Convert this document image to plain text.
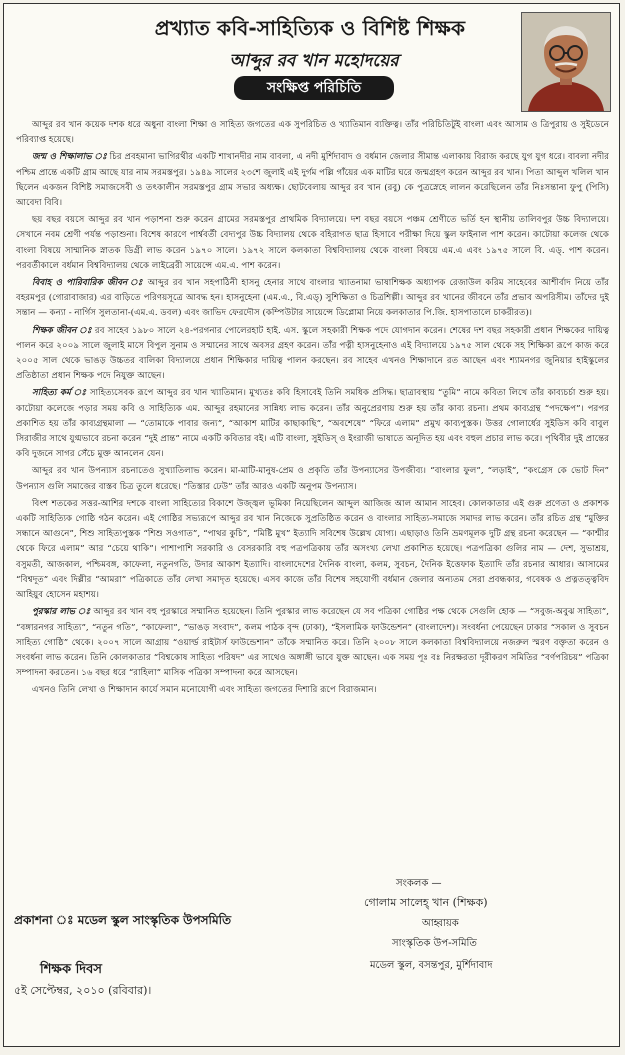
প্রখ্যাত কবি-সাহিত্যিক ও বিশিষ্ট শিক্ষক
আব্দুর রব খান মহোদয়ের
সংক্ষিপ্ত পরিচিতি

আব্দুর রব খান কয়েক দশক ধরে অধুনা বাংলা শিক্ষা ও সাহিত্য জগতের এক সুপরিচিত ও খ্যাতিমান ব্যক্তিত্ব। তাঁর পরিচিতিটুই বাংলা এবং আসাম ও ত্রিপুরায় ও সুইডেনে পরিব্যাপ্ত হয়েছে।

জন্ম ও শিক্ষালাভ ঃ চির প্রবহমানা ভাগিরথীর একটি শাখানদীর নাম বাবলা, এ নদী মুর্শিদাবাদ ও বর্ধমান জেলার সীমান্ত এলাকায় বিরাজ করছে যুগ যুগ ধরে। বাবলা নদীর পশ্চিম প্রান্তে একটি গ্রাম আছে যার নাম সরমস্তপুর। ১৯৪৯ সালের ২৩শে জুলাই এই দুর্গম পল্লি গাঁয়ের এক মাটির ঘরে জন্মগ্রহণ করেন আব্দুর রব খান। পিতা আব্দুল খলিল খান ছিলেন একজন বিশিষ্ট সমাজসেবী ও তৎকালীন সরমস্তপুর গ্রাম সভার অধ্যক্ষ। ছোটবেলায় আব্দুর রব খান (রবু) কে পুত্রস্নেহে লালন করেছিলেন তাঁর নিঃসন্তানা ফুপু (পিসি) আবেদা বিবি।

ছয় বছর বয়সে আব্দুর রব খান পড়াশনা শুরু করেন গ্রামের সরমস্তপুর প্রাথমিক বিদ্যালয়ে। দশ বছর বয়সে পঞ্চম শ্রেণীতে ভর্তি হন স্থানীয় তালিবপুর উচ্চ বিদ্যালয়ে। সেখানে নবম শ্রেণী পর্যন্ত পড়াশুনা। বিশেষ কারণে পার্শ্ববর্তী বেদ্যপুর উচ্চ বিদ্যালয় থেকে বহিরাগত ছাত্র হিসাবে পরীক্ষা দিয়ে স্কুল ফাইনাল পাশ করেন। কাটোয়া কলেজ থেকে বাংলা বিষয়ে সাম্মানিক স্নাতক ডিগ্রী লাভ করেন ১৯৭০ সালে। ১৯৭২ সালে কলকাতা বিশ্ববিদ্যালয় থেকে বাংলা বিষয়ে এম.এ এবং ১৯৭৫ সালে বি. এড্‌. পাশ করেন। পরবর্তীকালে বর্ধমান বিশ্ববিদ্যালয় থেকে লাইব্রেরী সায়েন্সে এম.এ. পাশ করেন।

বিবাহ ও পারিবারিক জীবন ঃ আব্দুর রব খান সহপাঠিনী হাসনু হেনার সাথে বাংলার খ্যাতনামা ভাষাশিক্ষক অধ্যাপক রেজাউল করিম সাহেবের আশীর্বাদ নিয়ে তাঁর বহরমপুর (গোরাবাজার) এর বাড়িতে পরিণয়সূত্রে আবদ্ধ হন। হাসনুহেনা (এম.এ., বি.এড্‌) সুশিক্ষিতা ও চিত্রশিল্পী। আব্দুর রব খানের জীবনে তাঁর প্রভাব অপরিসীম। তাঁদের দুই সন্তান — কন্যা - নার্গিস সুলতানা-(এম.এ. ডবল) এবং জাভিদ ফেরদৌস (কম্পিউটার সায়েন্সে ডিপ্লোমা নিয়ে কলকাতার পি.জি. হাসপাতালে চাকরীরত)।

শিক্ষক জীবন ঃ রব সাহেব ১৯৮০ সালে ২৪-পরগনার পোলেরহাট হাই. এস. স্কুলে সহকারী শিক্ষক পদে যোগদান করেন। শেষের দশ বছর সহকারী প্রধান শিক্ষকের দায়িত্ব পালন করে ২০০৯ সালে জুলাই মাসে বিপুল সুনাম ও সম্মানের সাথে অবসর গ্রহণ করেন। তাঁর পত্নী হাসনুহেনাও এই বিদ্যালয়ে ১৯৭৫ সাল থেকে সহ শিক্ষিকা রূপে কাজ করে ২০০৫ সাল থেকে ভাঙড় উচ্চতর বালিকা বিদ্যালয়ে প্রধান শিক্ষিকার দায়িত্ব পালন করছেন। রব সাহেব এখনও শিক্ষাদানে রত আছেন এবং শ্যামনগর জুনিয়ার হাইস্কুলের প্রতিষ্ঠাতা প্রধান শিক্ষক পদে নিযুক্ত আছেন।

সাহিত্য কর্ম ঃ সাহিত্যসেবক রূপে আব্দুর রব খান খ্যাতিমান। মুখ্যতঃ কবি হিসাবেই তিনি সমধিক প্রসিদ্ধ। ছাত্রাবস্থায় “তুমি” নামে কবিতা লিখে তাঁর কাব্যচর্চা শুরু হয়। কাটোয়া কলেজে পড়ার সময় কবি ও সাহিত্যিক এম. আব্দুর রহমানের সান্নিধ্য লাভ করেন। তাঁর অনুপ্রেরণায় শুরু হয় তাঁর কাব্য রচনা। প্রথম কাব্যগ্রন্থ “পদক্ষেপ”। পরপর প্রকাশিত হয় তাঁর কাব্যগ্রন্থমালা — “তোমাকে পাবার জন্য”, “আকাশ মাটির কাছাকাছি”, “অবশেষে” “ফিরে এলাম” প্রমুখ কাব্যপুস্তক। উত্তর গোলার্ধের সুইডিস কবি বাবুল সিরাজীর সাথে যুগ্মভাবে রচনা করেন “দুই প্রান্ত” নামে একটি কবিতার বই। এটি বাংলা, সুইডিস্‌ ও ইংরাজী ভাষাতে অনূদিত হয় এবং বহুল প্রচার লাভ করে। পৃথিবীর দুই প্রান্তের কবি দুজনে সাগর সেঁচে মুক্ত আনলেন যেন।

আব্দুর রব খান উপন্যাস রচনাতেও সুখ্যাতিলাভ করেন। মা-মাটি-মানুষ-প্রেম ও প্রকৃতি তাঁর উপন্যাসের উপজীব্য। “বাংলার ফুল”, “লড়াই”, “কংগ্রেস কে ভোট দিন” উপন্যাস গুলি সমাজের বাস্তব চিত্র তুলে ধরেছে। “তিস্তার ঢেউ” তাঁর আরও একটি অনুপম উপন্যাস।

বিংশ শতকের সত্তর-আশির দশকে বাংলা সাহিত্যের বিকাশে উজ্জ্বল ভূমিকা নিয়েছিলেন আব্দুল আজিজ আল আমান সাহেব। কোলকাতার এই গুরু প্রণেতা ও প্রকাশক একটি সাহিত্যিক গোষ্ঠি গঠন করেন। এই গোষ্ঠির সভ্যরূপে আব্দুর রব খান নিজেকে সুপ্রতিষ্ঠিত করেন ও বাংলার সাহিত্য-সমাজে সমাদর লাভ করেন। তাঁর রচিত গ্রন্থ “মুক্তির সন্ধানে আগুনে”, শিশু সাহিত্যপুস্তক “শিশু সওগাত”, “পাথর কুচি”, “মিষ্টি মুখ” ইত্যাদি সবিশেষ উল্লেখ যোগ্য। এছাড়াও তিনি ভ্রমণমূলক দুটি গ্রন্থ রচনা করেছেন — “কাশ্মীর থেকে ফিরে এলাম” আর “চেয়ে থাকি”। পাশাপাশি সরকারি ও বেসরকারি বহু পত্রপত্রিকায় তাঁর অসংখ্য লেখা প্রকাশিত হয়েছে। পত্রপত্রিকা গুলির নাম — দেশ, সুভাশ্রয়, বসুমতী, আজকাল, পশ্চিমবঙ্গ, কাফেলা, নতুনগতি, উদার আকাশ ইত্যাদি। বাংলাদেশের দৈনিক বাংলা, কলম, সুবচন, দৈনিক ইত্তেফাক ইত্যাদি তাঁর রচনার আধার। আসামের “বিশ্বদূত” এবং দিল্লীর “আমরা” পত্রিকাতে তাঁর লেখা সমাদৃত হয়েছে। এসব কাজে তাঁর বিশেষ সহযোগী বর্ধমান জেলার অন্যতম সেরা প্রবন্ধকার, গবেষক ও প্রত্নতত্ত্ববিদ আহিয়ুব হোসেন মহাশয়।

পুরস্কার লাভ ঃ আব্দুর রব খান বহু পুরস্কারে সম্মানিত হয়েছেন। তিনি পুরস্কার লাভ করেছেন যে সব পত্রিকা গোষ্ঠির পক্ষ থেকে সেগুলি হোক — “সবুজ-অবুঝ সাহিত্য”, “বঙ্গারনগর সাহিত্য”, “নতুন গতি”, “কাফেলা”, “ভাঙড় সংবাদ”, কলম পাঠক বৃন্দ (ঢাকা), “ইসলামিক ফাউন্ডেশন” (বাংলাদেশ)। সংবর্ধনা পেয়েছেন ঢাকার “সকাল ও সুবচন সাহিত্য গোষ্ঠি” থেকে। ২০০৭ সালে আগ্রায় “ওয়ার্ল্ড রাইটার্স ফাউন্ডেশান” তাঁকে সম্মানিত করে। তিনি ২০০৮ সালে কলকাতা বিশ্ববিদ্যালয়ে নজরুল স্মরণ বক্তৃতা করেন ও সংবর্ধনা লাভ করেন। তিনি কোলকাতার “বিশ্বকোষ সাহিত্য পরিষদ” এর সাথেও অঙ্গাঙ্গী ভাবে যুক্ত আছেন। এক সময় পূঃ বঃ নিরক্ষরতা দূরীকরণ সমিতির “বর্ণপরিচয়” পত্রিকা সম্পাদনা করতেন। ১৬ বছর ধরে “রাহিলা” মাসিক পত্রিকা সম্পাদনা করে আসছেন।

এখনও তিনি লেখা ও শিক্ষাদান কার্যে সমান মনোযোগী এবং সাহিত্য জগতের দিশারি রূপে বিরাজমান।

সংকলক —
গোলাম সালেহ্‌ খান (শিক্ষক)
প্রকাশনা ঃ মডেল স্কুল সাংস্কৃতিক উপসমিতি	আহ্বায়ক
সাংস্কৃতিক উপ-সমিতি
শিক্ষক দিবস
৫ই সেপ্টেম্বর, ২০১০ (রবিবার)।
মডেল স্কুল, বসন্তপুর, মুর্শিদাবাদ
